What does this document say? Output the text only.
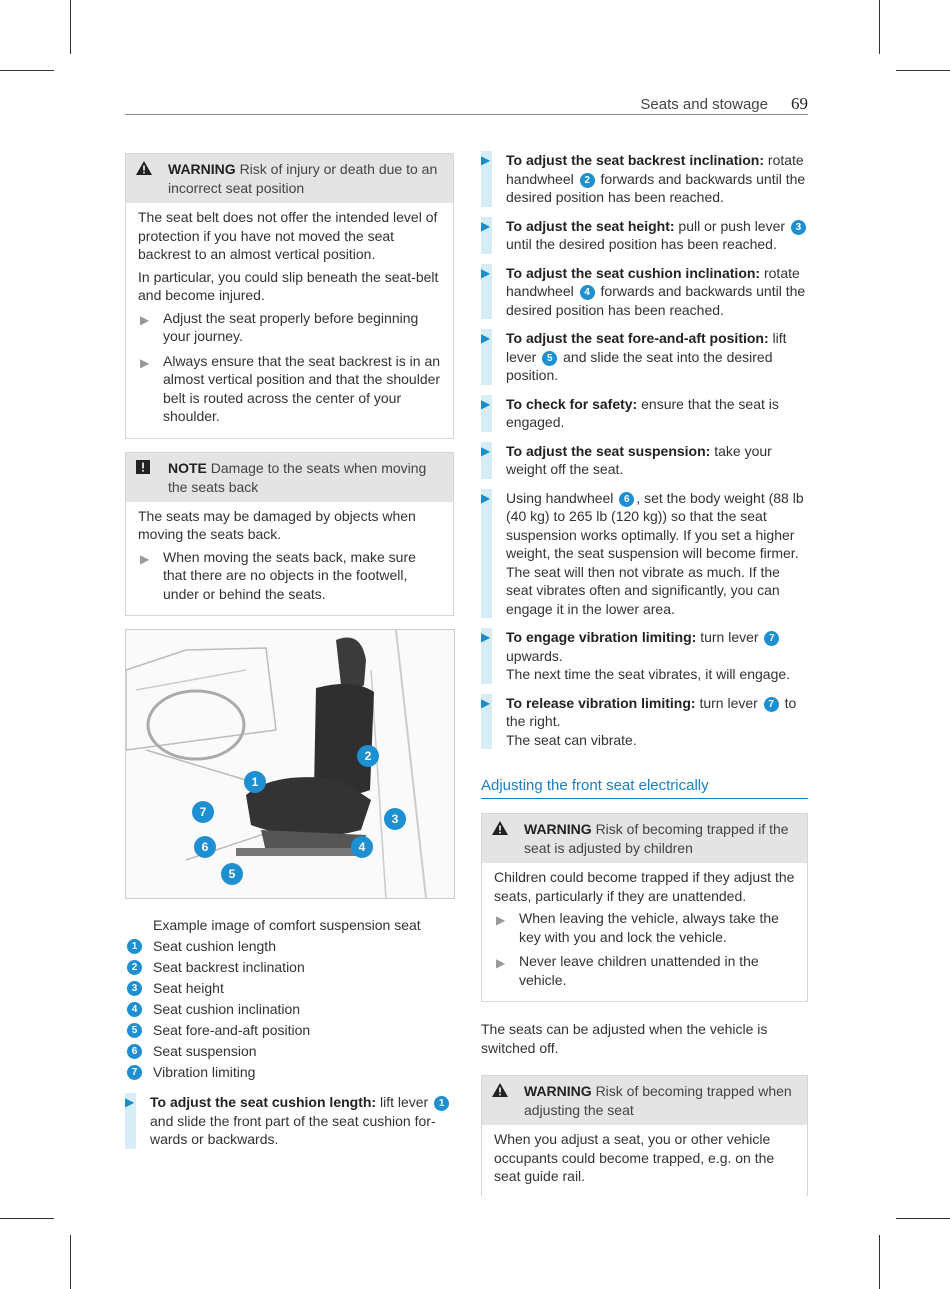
Seats and stowage 69
WARNING Risk of injury or death due to an incorrect seat position

The seat belt does not offer the intended level of protection if you have not moved the seat backrest to an almost vertical position.

In particular, you could slip beneath the seat-belt and become injured.

▶ Adjust the seat properly before beginning your journey.
▶ Always ensure that the seat backrest is in an almost vertical position and that the shoulder belt is routed across the center of your shoulder.
NOTE Damage to the seats when moving the seats back

The seats may be damaged by objects when moving the seats back.

▶ When moving the seats back, make sure that there are no objects in the footwell, under or behind the seats.
1
2
3
4
5
6
7
Example image of comfort suspension seat
1	Seat cushion length
2	Seat backrest inclination
3	Seat height
4	Seat cushion inclination
5	Seat fore-and-aft position
6	Seat suspension
7	Vibration limiting
▶ To adjust the seat cushion length: lift lever 1 and slide the front part of the seat cushion for-wards or backwards.
▶ To adjust the seat backrest inclination: rotate handwheel 2 forwards and backwards until the desired position has been reached.
▶ To adjust the seat height: pull or push lever 3 until the desired position has been reached.
▶ To adjust the seat cushion inclination: rotate handwheel 4 forwards and backwards until the desired position has been reached.
▶ To adjust the seat fore-and-aft position: lift lever 5 and slide the seat into the desired position.
▶ To check for safety: ensure that the seat is engaged.
▶ To adjust the seat suspension: take your weight off the seat.
▶ Using handwheel 6 , set the body weight (88 lb (40 kg) to 265 lb (120 kg)) so that the seat suspension works optimally. If you set a higher weight, the seat suspension will become firmer. The seat will then not vibrate as much. If the seat vibrates often and significantly, you can engage it in the lower area.
▶ To engage vibration limiting: turn lever 7 upwards.
The next time the seat vibrates, it will engage.
▶ To release vibration limiting: turn lever 7 to the right.
The seat can vibrate.
Adjusting the front seat electrically
WARNING Risk of becoming trapped if the seat is adjusted by children

Children could become trapped if they adjust the seats, particularly if they are unattended.

▶ When leaving the vehicle, always take the key with you and lock the vehicle.
▶ Never leave children unattended in the vehicle.

The seats can be adjusted when the vehicle is switched off.

WARNING Risk of becoming trapped when adjusting the seat

When you adjust a seat, you or other vehicle occupants could become trapped, e.g. on the seat guide rail.
